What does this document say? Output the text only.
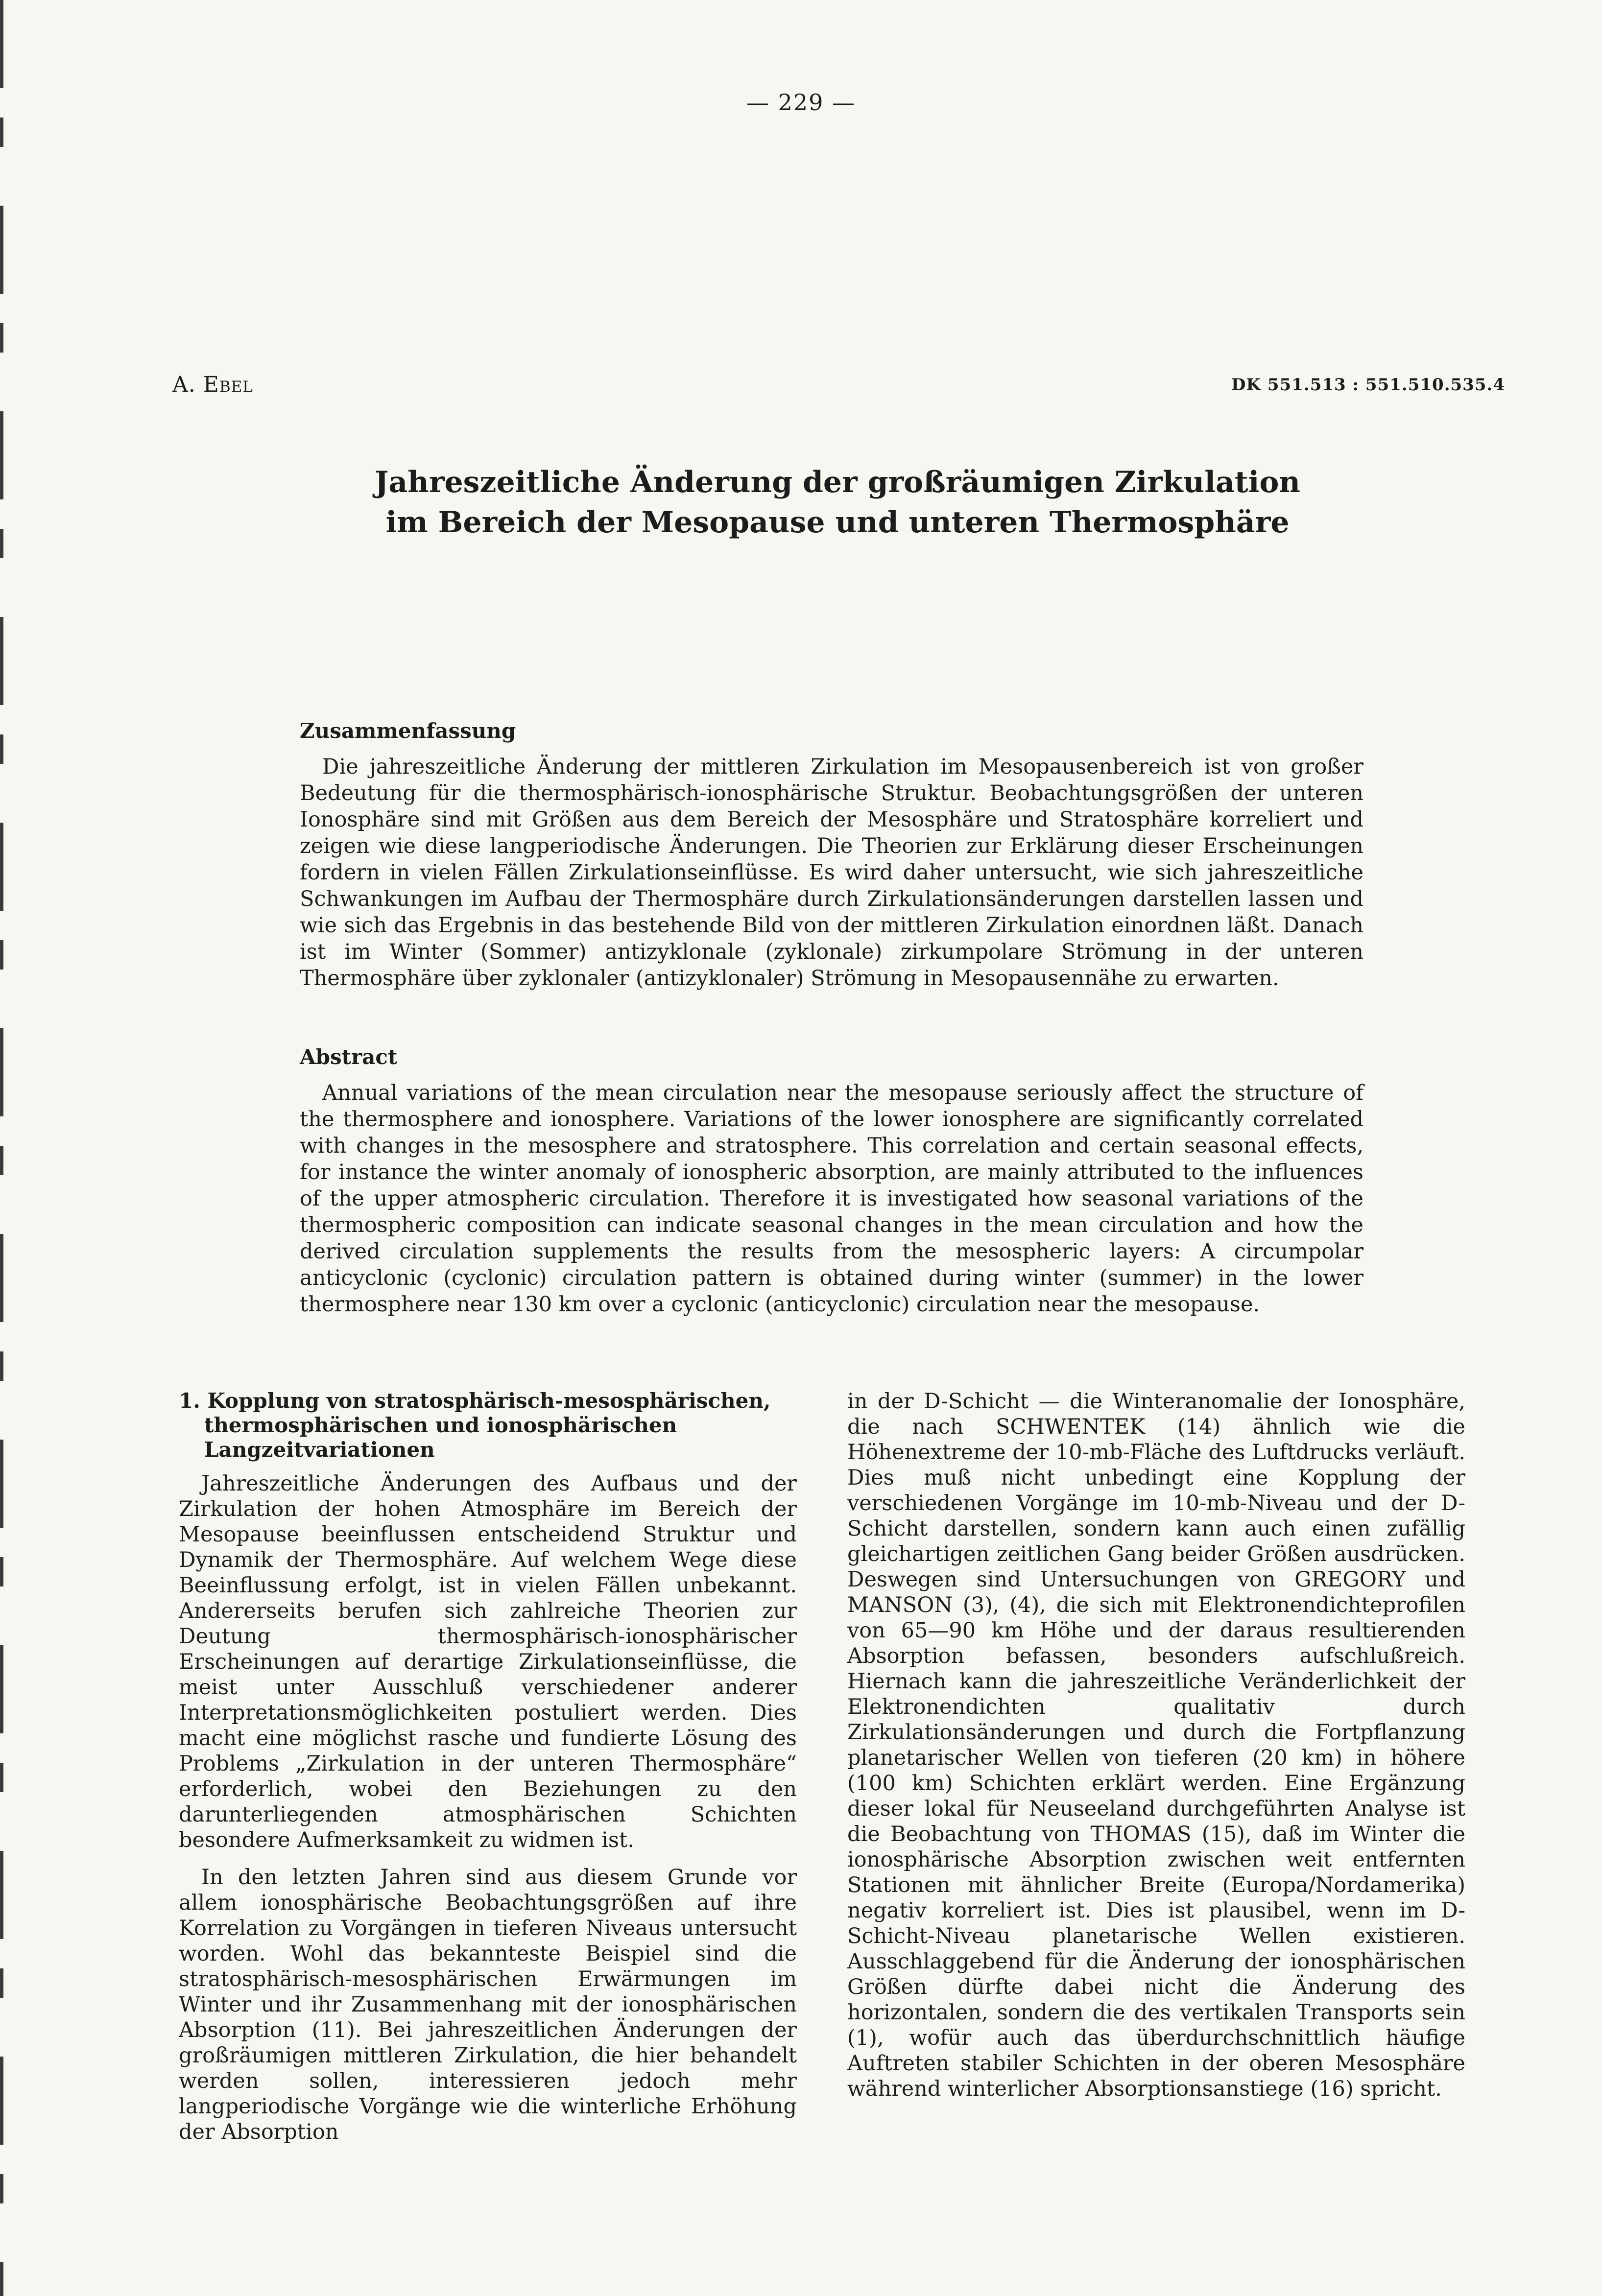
— 229 —
A. Ebel	DK 551.513 : 551.510.535.4
Jahreszeitliche Änderung der großräumigen Zirkulation
im Bereich der Mesopause und unteren Thermosphäre

Zusammenfassung

Die jahreszeitliche Änderung der mittleren Zirkulation im Mesopausenbereich ist von großer Bedeutung für die thermosphärisch-ionosphärische Struktur. Beobachtungsgrößen der unteren Ionosphäre sind mit Größen aus dem Bereich der Mesosphäre und Stratosphäre korreliert und zeigen wie diese langperiodische Änderungen. Die Theorien zur Erklärung dieser Erscheinungen fordern in vielen Fällen Zirkulationseinflüsse. Es wird daher untersucht, wie sich jahreszeitliche Schwankungen im Aufbau der Thermosphäre durch Zirkulationsänderungen darstellen lassen und wie sich das Ergebnis in das bestehende Bild von der mittleren Zirkulation einordnen läßt. Danach ist im Winter (Sommer) antizyklonale (zyklonale) zirkumpolare Strömung in der unteren Thermosphäre über zyklonaler (antizyklonaler) Strömung in Mesopausennähe zu erwarten.

Abstract

Annual variations of the mean circulation near the mesopause seriously affect the structure of the thermosphere and ionosphere. Variations of the lower ionosphere are significantly correlated with changes in the mesosphere and stratosphere. This correlation and certain seasonal effects, for instance the winter anomaly of ionospheric absorption, are mainly attributed to the influences of the upper atmospheric circulation. Therefore it is investigated how seasonal variations of the thermospheric composition can indicate seasonal changes in the mean circulation and how the derived circulation supplements the results from the mesospheric layers: A circumpolar anticyclonic (cyclonic) circulation pattern is obtained during winter (summer) in the lower thermosphere near 130 km over a cyclonic (anticyclonic) circulation near the mesopause.

1. Kopplung von stratosphärisch-mesosphärischen, thermosphärischen und ionosphärischen Langzeitvariationen

Jahreszeitliche Änderungen des Aufbaus und der Zirkulation der hohen Atmosphäre im Bereich der Mesopause beeinflussen entscheidend Struktur und Dynamik der Thermosphäre. Auf welchem Wege diese Beeinflussung erfolgt, ist in vielen Fällen unbekannt. Andererseits berufen sich zahlreiche Theorien zur Deutung thermosphärisch-ionosphärischer Erscheinungen auf derartige Zirkulationseinflüsse, die meist unter Ausschluß verschiedener anderer Interpretationsmöglichkeiten postuliert werden. Dies macht eine möglichst rasche und fundierte Lösung des Problems „Zirkulation in der unteren Thermosphäre“ erforderlich, wobei den Beziehungen zu den darunterliegenden atmosphärischen Schichten besondere Aufmerksamkeit zu widmen ist.

In den letzten Jahren sind aus diesem Grunde vor allem ionosphärische Beobachtungsgrößen auf ihre Korrelation zu Vorgängen in tieferen Niveaus untersucht worden. Wohl das bekannteste Beispiel sind die stratosphärisch-mesosphärischen Erwärmungen im Winter und ihr Zusammenhang mit der ionosphärischen Absorption (11). Bei jahreszeitlichen Änderungen der großräumigen mittleren Zirkulation, die hier behandelt werden sollen, interessieren jedoch mehr langperiodische Vorgänge wie die winterliche Erhöhung der Absorption

in der D-Schicht — die Winteranomalie der Ionosphäre, die nach SCHWENTEK (14) ähnlich wie die Höhenextreme der 10-mb-Fläche des Luftdrucks verläuft. Dies muß nicht unbedingt eine Kopplung der verschiedenen Vorgänge im 10-mb-Niveau und der D-Schicht darstellen, sondern kann auch einen zufällig gleichartigen zeitlichen Gang beider Größen ausdrücken. Deswegen sind Untersuchungen von GREGORY und MANSON (3), (4), die sich mit Elektronendichteprofilen von 65—90 km Höhe und der daraus resultierenden Absorption befassen, besonders aufschlußreich. Hiernach kann die jahreszeitliche Veränderlichkeit der Elektronendichten qualitativ durch Zirkulationsänderungen und durch die Fortpflanzung planetarischer Wellen von tieferen (20 km) in höhere (100 km) Schichten erklärt werden. Eine Ergänzung dieser lokal für Neuseeland durchgeführten Analyse ist die Beobachtung von THOMAS (15), daß im Winter die ionosphärische Absorption zwischen weit entfernten Stationen mit ähnlicher Breite (Europa/Nordamerika) negativ korreliert ist. Dies ist plausibel, wenn im D-Schicht-Niveau planetarische Wellen existieren. Ausschlaggebend für die Änderung der ionosphärischen Größen dürfte dabei nicht die Änderung des horizontalen, sondern die des vertikalen Transports sein (1), wofür auch das überdurchschnittlich häufige Auftreten stabiler Schichten in der oberen Mesosphäre während winterlicher Absorptionsanstiege (16) spricht.
